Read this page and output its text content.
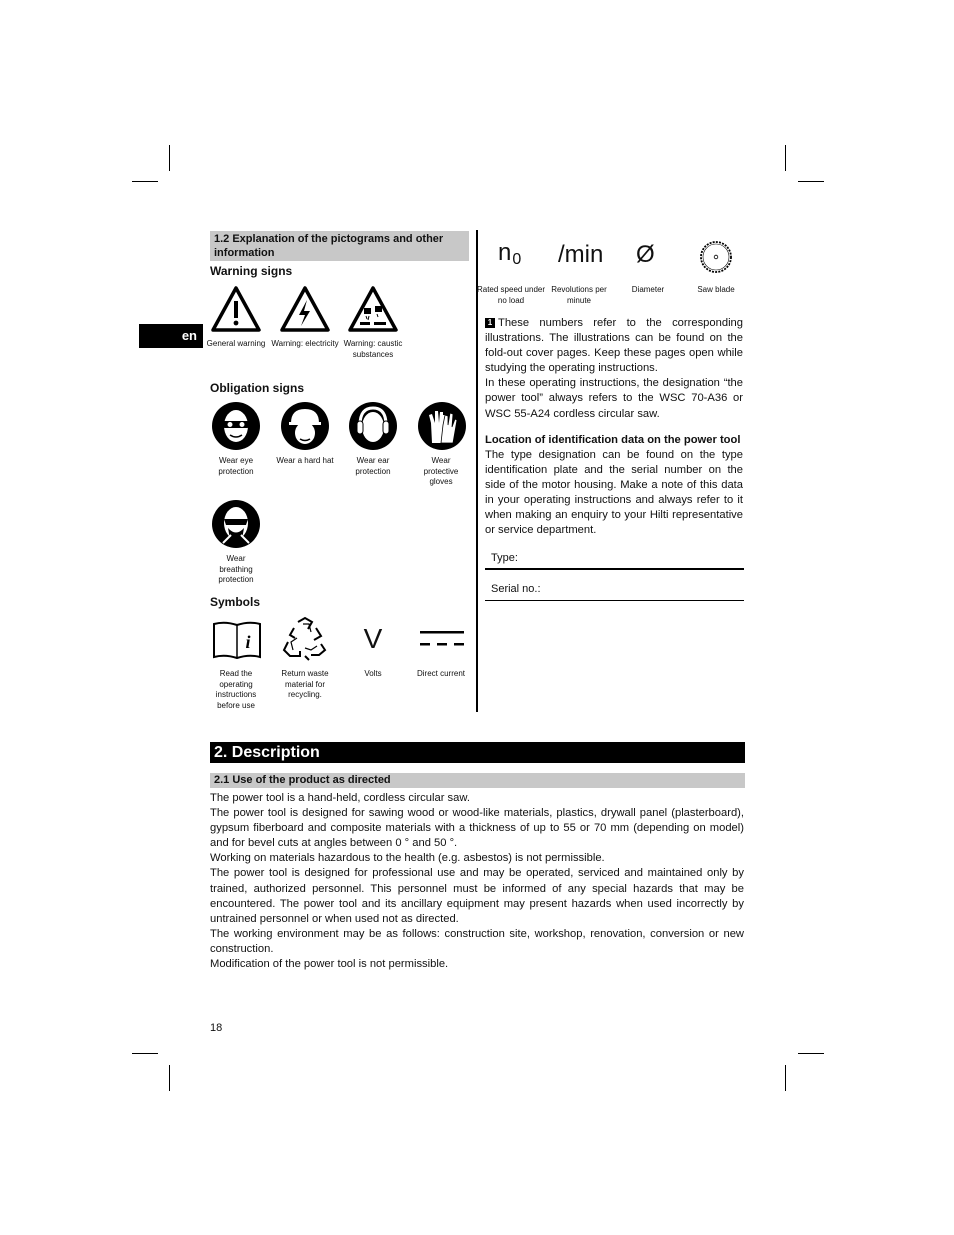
en
1.2 Explanation of the pictograms and other information
Warning signs
General warning Warning: electricity Warning: caustic substances
Obligation signs
Wear eye protection
Wear a hard hat	Wear ear protection
Wear protective gloves
Wear breathing protection
Symbols
i	V
Read the operating instructions before use
Return waste material for recycling.
Volts	Direct current
n0 /min Ø
Rated speed under no load
Revolutions per minute
Diameter	Saw blade

1 These numbers refer to the corresponding illustrations. The illustrations can be found on the fold-out cover pages. Keep these pages open while studying the operating instructions.

In these operating instructions, the designation “the power tool” always refers to the WSC 70-A36 or WSC 55-A24 cordless circular saw.

Location of identification data on the power tool

The type designation can be found on the type identification plate and the serial number on the side of the motor housing. Make a note of this data in your operating instructions and always refer to it when making an enquiry to your Hilti representative or service department.

Type:
Serial no.:
2. Description
2.1 Use of the product as directed

The power tool is a hand-held, cordless circular saw.

The power tool is designed for sawing wood or wood-like materials, plastics, drywall panel (plasterboard), gypsum fiberboard and composite materials with a thickness of up to 55 or 70 mm (depending on model) and for bevel cuts at angles between 0 ° and 50 °.

Working on materials hazardous to the health (e.g. asbestos) is not permissible.

The power tool is designed for professional use and may be operated, serviced and maintained only by trained, authorized personnel. This personnel must be informed of any special hazards that may be encountered. The power tool and its ancillary equipment may present hazards when used incorrectly by untrained personnel or when used not as directed.

The working environment may be as follows: construction site, workshop, renovation, conversion or new construction.

Modification of the power tool is not permissible.

18
